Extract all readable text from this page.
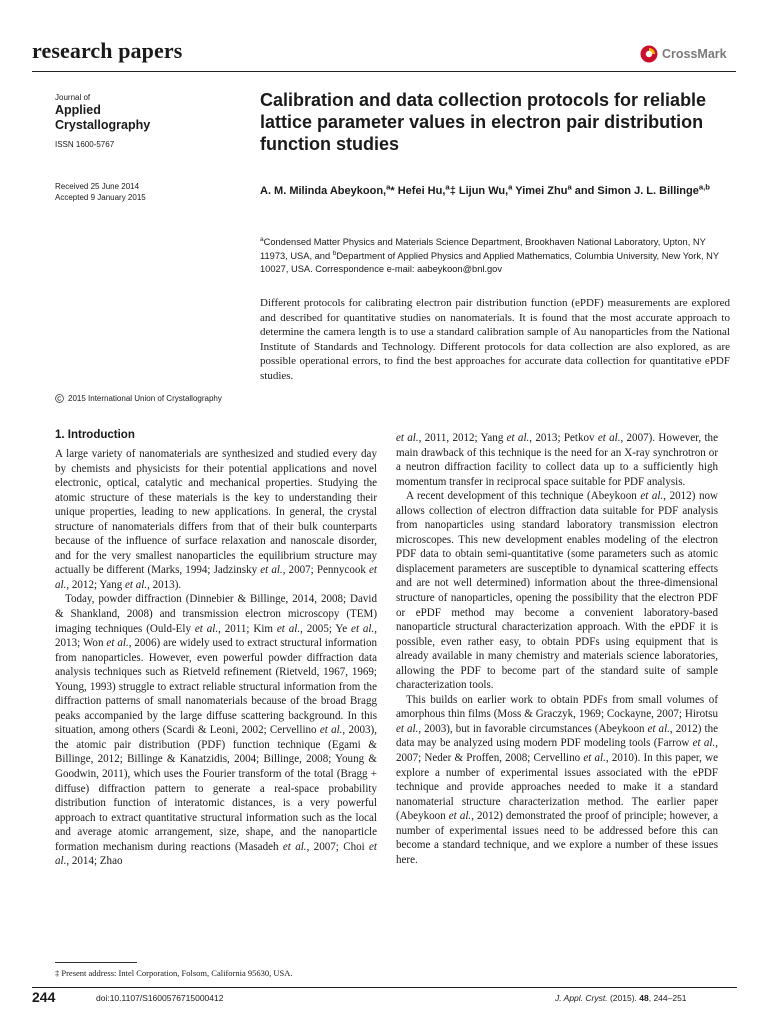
research papers	CrossMark
Journal of
Applied
Crystallography
ISSN 1600-5767
Received 25 June 2014
Accepted 9 January 2015
2015 International Union of Crystallography
Calibration and data collection protocols for reliable lattice parameter values in electron pair distribution function studies
A. M. Milinda Abeykoon,$^a$* Hefei Hu,$^a$‡ Lijun Wu,$^a$ Yimei Zhu$^a$ and Simon J. L. Billinge$^{a,b}$
$^a$Condensed Matter Physics and Materials Science Department, Brookhaven National Laboratory, Upton, NY 11973, USA, and $^b$Department of Applied Physics and Applied Mathematics, Columbia University, New York, NY 10027, USA. Correspondence e-mail: aabeykoon@bnl.gov
Different protocols for calibrating electron pair distribution function (ePDF) measurements are explored and described for quantitative studies on nanomaterials. It is found that the most accurate approach to determine the camera length is to use a standard calibration sample of Au nanoparticles from the National Institute of Standards and Technology. Different protocols for data collection are also explored, as are possible operational errors, to find the best approaches for accurate data collection for quantitative ePDF studies.
1. Introduction

A large variety of nanomaterials are synthesized and studied every day by chemists and physicists for their potential applications and novel electronic, optical, catalytic and mechanical properties. Studying the atomic structure of these materials is the key to understanding their unique properties, leading to new applications. In general, the crystal structure of nanomaterials differs from that of their bulk counterparts because of the influence of surface relaxation and nanoscale disorder, and for the very smallest nanoparticles the equilibrium structure may actually be different (Marks, 1994; Jadzinsky et al., 2007; Pennycook et al., 2012; Yang et al., 2013).

Today, powder diffraction (Dinnebier & Billinge, 2014, 2008; David & Shankland, 2008) and transmission electron microscopy (TEM) imaging techniques (Ould-Ely et al., 2011; Kim et al., 2005; Ye et al., 2013; Won et al., 2006) are widely used to extract structural information from nanoparticles. However, even powerful powder diffraction data analysis techniques such as Rietveld refinement (Rietveld, 1967, 1969; Young, 1993) struggle to extract reliable structural information from the diffraction patterns of small nanomaterials because of the broad Bragg peaks accompanied by the large diffuse scattering background. In this situation, among others (Scardi & Leoni, 2002; Cervellino et al., 2003), the atomic pair distribution (PDF) function technique (Egami & Billinge, 2012; Billinge & Kanatzidis, 2004; Billinge, 2008; Young & Goodwin, 2011), which uses the Fourier transform of the total (Bragg + diffuse) diffraction pattern to generate a real-space probability distribution function of interatomic distances, is a very powerful approach to extract quantitative structural information such as the local and average atomic arrangement, size, shape, and the nanoparticle formation mechanism during reactions (Masadeh et al., 2007; Choi et al., 2014; Zhao

et al., 2011, 2012; Yang et al., 2013; Petkov et al., 2007). However, the main drawback of this technique is the need for an X-ray synchrotron or a neutron diffraction facility to collect data up to a sufficiently high momentum transfer in reciprocal space suitable for PDF analysis.

A recent development of this technique (Abeykoon et al., 2012) now allows collection of electron diffraction data suitable for PDF analysis from nanoparticles using standard laboratory transmission electron microscopes. This new development enables modeling of the electron PDF data to obtain semi-quantitative (some parameters such as atomic displacement parameters are susceptible to dynamical scattering effects and are not well determined) information about the three-dimensional structure of nanoparticles, opening the possibility that the electron PDF or ePDF method may become a convenient laboratory-based nanoparticle structural characterization approach. With the ePDF it is possible, even rather easy, to obtain PDFs using equipment that is already available in many chemistry and materials science laboratories, allowing the PDF to become part of the standard suite of sample characterization tools.

This builds on earlier work to obtain PDFs from small volumes of amorphous thin films (Moss & Graczyk, 1969; Cockayne, 2007; Hirotsu et al., 2003), but in favorable circumstances (Abeykoon et al., 2012) the data may be analyzed using modern PDF modeling tools (Farrow et al., 2007; Neder & Proffen, 2008; Cervellino et al., 2010). In this paper, we explore a number of experimental issues associated with the ePDF technique and provide approaches needed to make it a standard nanomaterial structure characterization method. The earlier paper (Abeykoon et al., 2012) demonstrated the proof of principle; however, a number of experimental issues need to be addressed before this can become a standard technique, and we explore a number of these issues here.

‡ Present address: Intel Corporation, Folsom, California 95630, USA.
244	doi:10.1107/S1600576715000412	J. Appl. Cryst. (2015). 48, 244–251
